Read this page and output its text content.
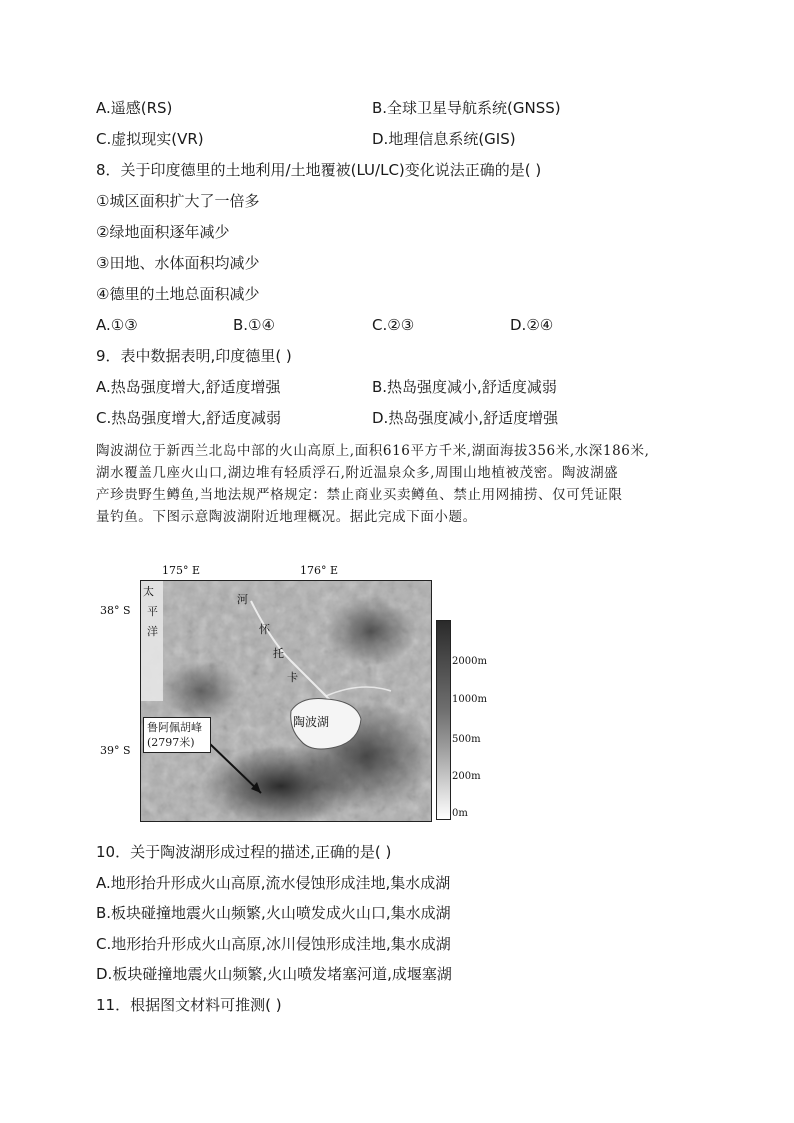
A.遥感(RS)	B.全球卫星导航系统(GNSS)
C.虚拟现实(VR)	D.地理信息系统(GIS)
8．关于印度德里的土地利用/土地覆被(LU/LC)变化说法正确的是( )
①城区面积扩大了一倍多
②绿地面积逐年减少
③田地、水体面积均减少
④德里的土地总面积减少
A.①③	B.①④	C.②③	D.②④
9．表中数据表明,印度德里( )
A.热岛强度增大,舒适度增强	B.热岛强度减小,舒适度减弱
C.热岛强度增大,舒适度减弱	D.热岛强度减小,舒适度增强
陶波湖位于新西兰北岛中部的火山高原上,面积616平方千米,湖面海拔356米,水深186米,
湖水覆盖几座火山口,湖边堆有轻质浮石,附近温泉众多,周围山地植被茂密。陶波湖盛
产珍贵野生鳟鱼,当地法规严格规定：禁止商业买卖鳟鱼、禁止用网捕捞、仅可凭证限
量钓鱼。下图示意陶波湖附近地理概况。据此完成下面小题。
175° E	176° E
38° S
39° S
太
平
洋
河
怀
卡
托
陶波湖
鲁阿佩胡峰
(2797米)
2000m
1000m
500m
200m
0m
10．关于陶波湖形成过程的描述,正确的是( )
A.地形抬升形成火山高原,流水侵蚀形成洼地,集水成湖
B.板块碰撞地震火山频繁,火山喷发成火山口,集水成湖
C.地形抬升形成火山高原,冰川侵蚀形成洼地,集水成湖
D.板块碰撞地震火山频繁,火山喷发堵塞河道,成堰塞湖
11．根据图文材料可推测( )
